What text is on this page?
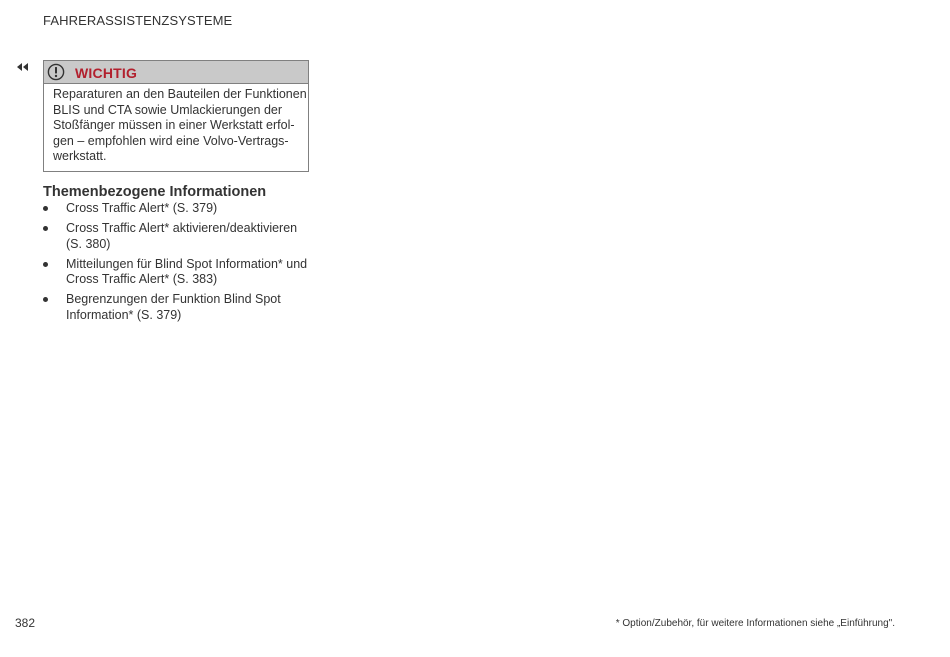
FAHRERASSISTENZSYSTEME
WICHTIG
Reparaturen an den Bauteilen der Funktionen
BLIS und CTA sowie Umlackierungen der
Stoßfänger müssen in einer Werkstatt erfol-
gen – empfohlen wird eine Volvo-Vertrags-
werkstatt.
Themenbezogene Informationen
Cross Traffic Alert* (S. 379)
Cross Traffic Alert* aktivieren/deaktivieren
(S. 380)
Mitteilungen für Blind Spot Information* und
Cross Traffic Alert* (S. 383)
Begrenzungen der Funktion Blind Spot
Information* (S. 379)
382	* Option/Zubehör, für weitere Informationen siehe „Einführung".
